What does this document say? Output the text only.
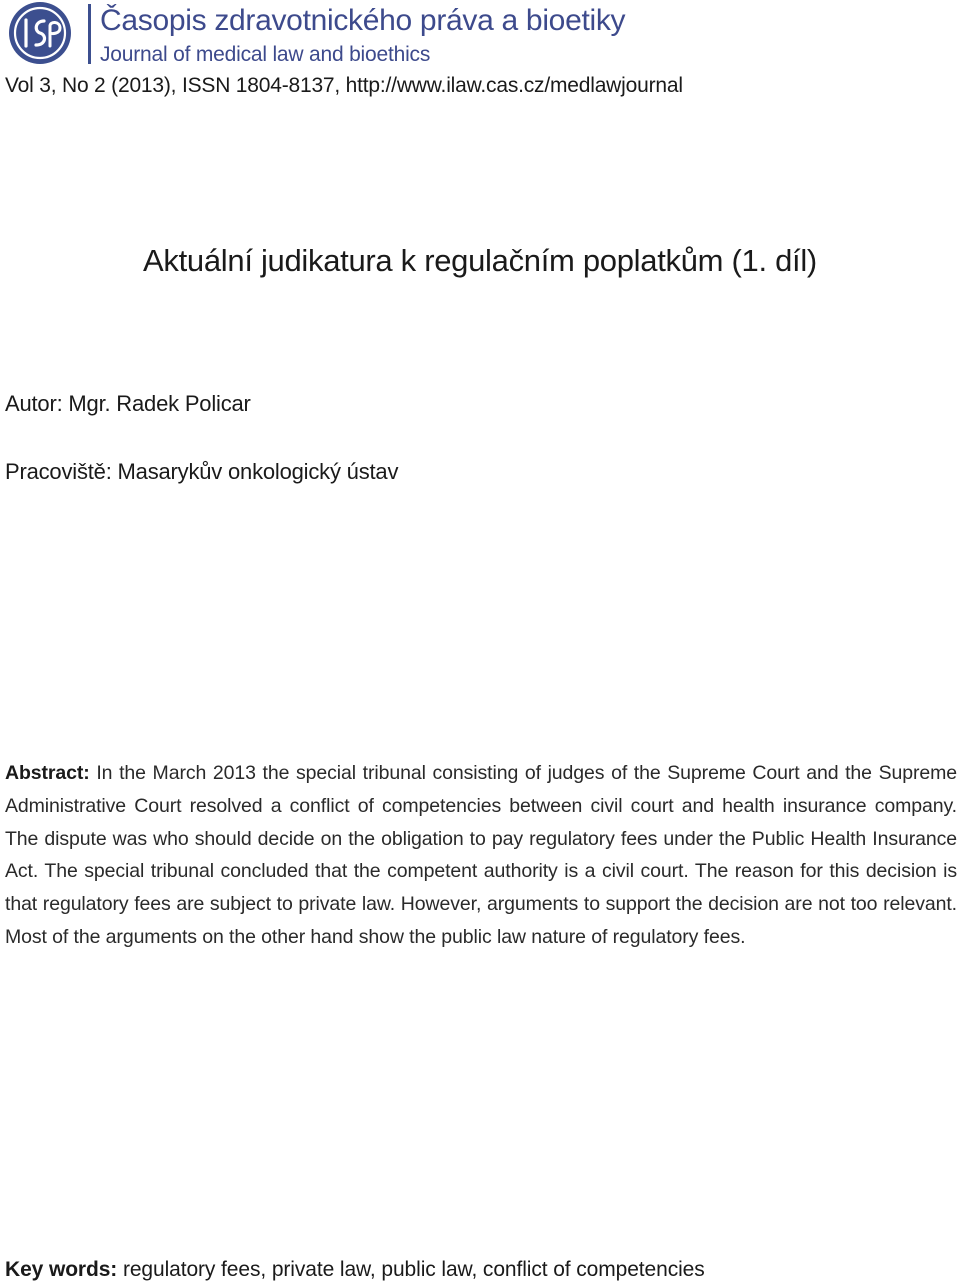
Časopis zdravotnického práva a bioetiky
Journal of medical law and bioethics
Vol 3, No 2 (2013), ISSN 1804-8137, http://www.ilaw.cas.cz/medlawjournal
Aktuální judikatura k regulačním poplatkům (1. díl)
Autor: Mgr. Radek Policar
Pracoviště: Masarykův onkologický ústav
Abstract: In the March 2013 the special tribunal consisting of judges of the Supreme Court and the Supreme Administrative Court resolved a conflict of competencies between civil court and health insurance company. The dispute was who should decide on the obligation to pay regulatory fees under the Public Health Insurance Act. The special tribunal concluded that the competent authority is a civil court. The reason for this decision is that regulatory fees are subject to private law. However, arguments to support the decision are not too relevant. Most of the arguments on the other hand show the public law nature of regulatory fees.
Key words: regulatory fees, private law, public law, conflict of competencies
